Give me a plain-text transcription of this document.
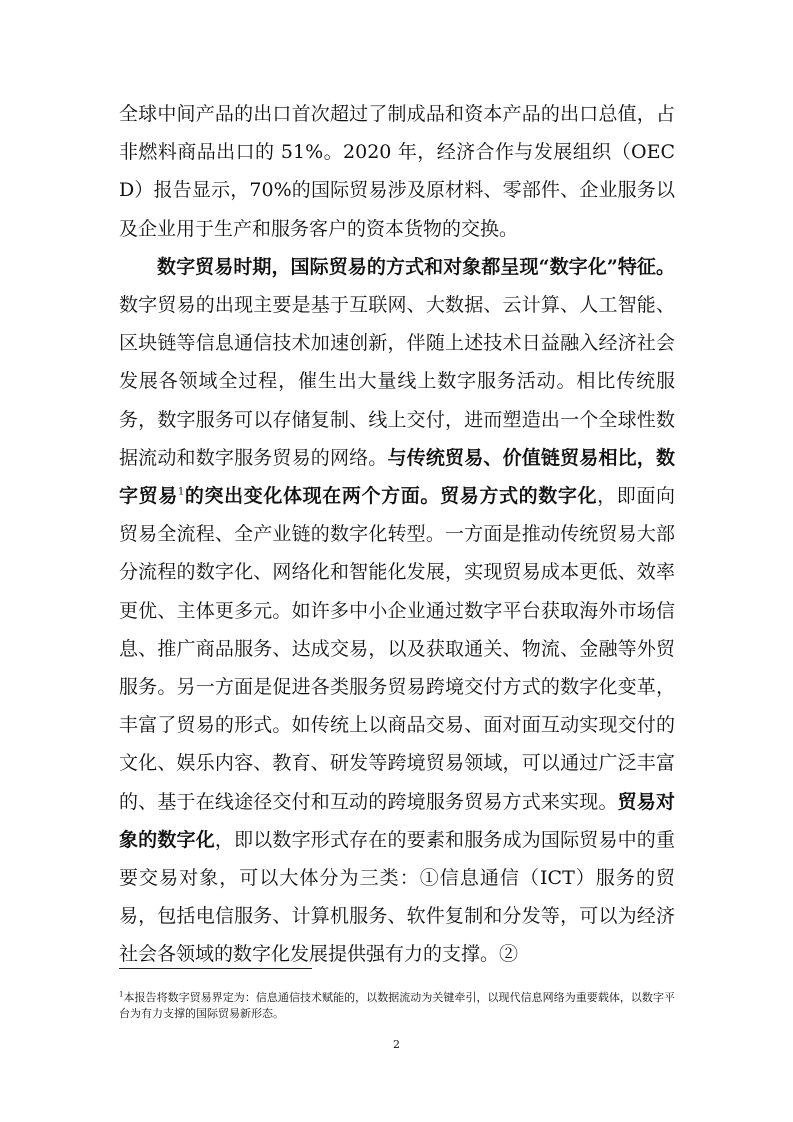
全球中间产品的出口首次超过了制成品和资本产品的出口总值，占非燃料商品出口的 51%。2020 年，经济合作与发展组织（OECD）报告显示，70%的国际贸易涉及原材料、零部件、企业服务以及企业用于生产和服务客户的资本货物的交换。

数字贸易时期，国际贸易的方式和对象都呈现“数字化”特征。数字贸易的出现主要是基于互联网、大数据、云计算、人工智能、区块链等信息通信技术加速创新，伴随上述技术日益融入经济社会发展各领域全过程，催生出大量线上数字服务活动。相比传统服务，数字服务可以存储复制、线上交付，进而塑造出一个全球性数据流动和数字服务贸易的网络。与传统贸易、价值链贸易相比，数字贸易$^1$的突出变化体现在两个方面。贸易方式的数字化，即面向贸易全流程、全产业链的数字化转型。一方面是推动传统贸易大部分流程的数字化、网络化和智能化发展，实现贸易成本更低、效率更优、主体更多元。如许多中小企业通过数字平台获取海外市场信息、推广商品服务、达成交易，以及获取通关、物流、金融等外贸服务。另一方面是促进各类服务贸易跨境交付方式的数字化变革，丰富了贸易的形式。如传统上以商品交易、面对面互动实现交付的文化、娱乐内容、教育、研发等跨境贸易领域，可以通过广泛丰富的、基于在线途径交付和互动的跨境服务贸易方式来实现。贸易对象的数字化，即以数字形式存在的要素和服务成为国际贸易中的重要交易对象，可以大体分为三类：①信息通信（ICT）服务的贸易，包括电信服务、计算机服务、软件复制和分发等，可以为经济社会各领域的数字化发展提供强有力的支撑。②

$^1$本报告将数字贸易界定为：信息通信技术赋能的，以数据流动为关键牵引，以现代信息网络为重要载体，以数字平台为有力支撑的国际贸易新形态。

2
